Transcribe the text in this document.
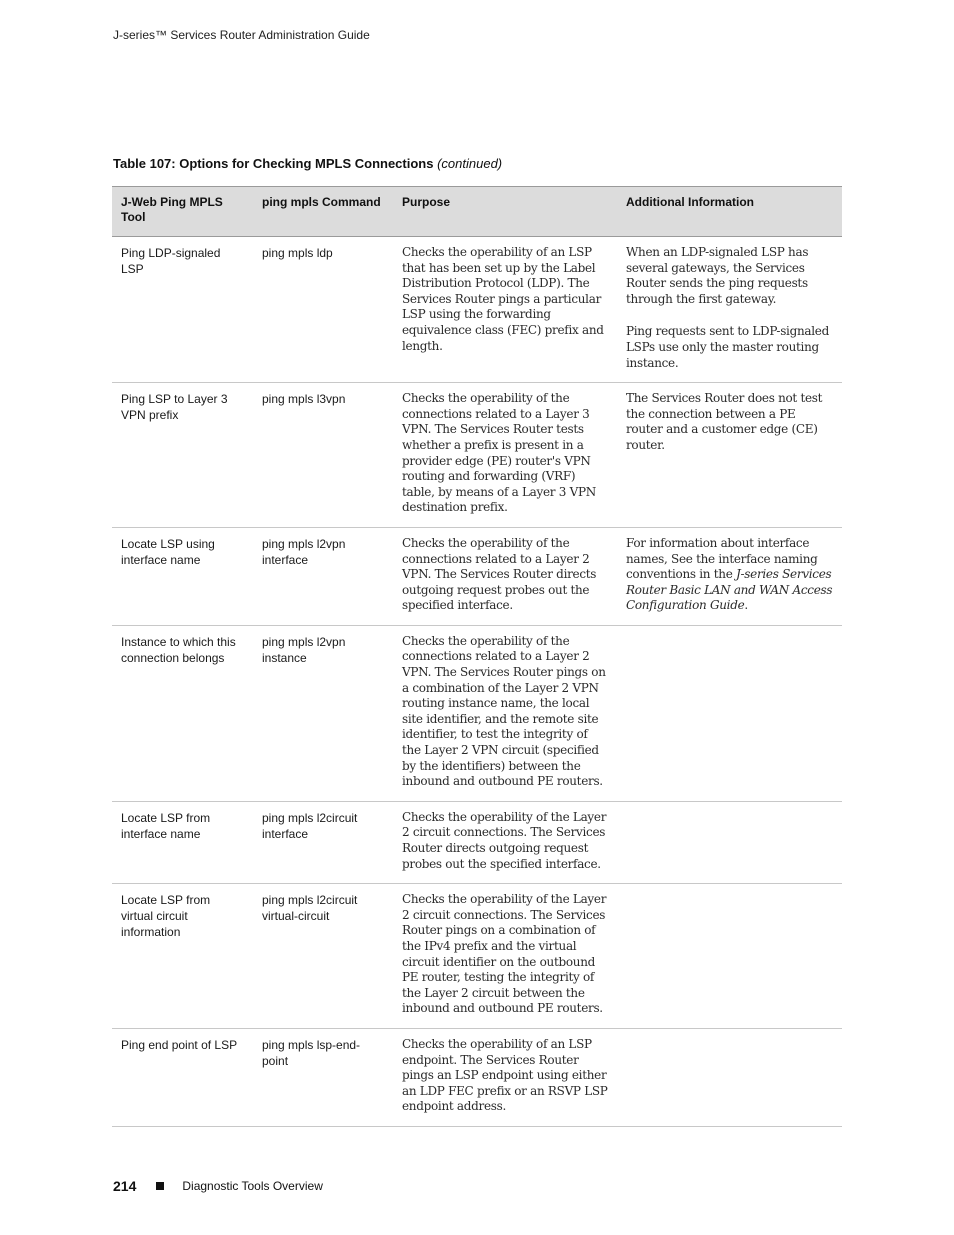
J-series™ Services Router Administration Guide
Table 107: Options for Checking MPLS Connections (continued)
J-Web Ping MPLS Tool	ping mpls Command	Purpose	Additional Information
Ping LDP-signaled LSP	ping mpls ldp	Checks the operability of an LSP that has been set up by the Label Distribution Protocol (LDP). The Services Router pings a particular LSP using the forwarding equivalence class (FEC) prefix and length.	When an LDP-signaled LSP has several gateways, the Services Router sends the ping requests through the first gateway.

Ping requests sent to LDP-signaled LSPs use only the master routing instance.

Ping LSP to Layer 3 VPN prefix	ping mpls l3vpn	Checks the operability of the connections related to a Layer 3 VPN. The Services Router tests whether a prefix is present in a provider edge (PE) router's VPN routing and forwarding (VRF) table, by means of a Layer 3 VPN destination prefix.	The Services Router does not test the connection between a PE router and a customer edge (CE) router.
Locate LSP using interface name	ping mpls l2vpn interface	Checks the operability of the connections related to a Layer 2 VPN. The Services Router directs outgoing request probes out the specified interface.	For information about interface names, See the interface naming conventions in the J-series Services Router Basic LAN and WAN Access Configuration Guide.
Instance to which this connection belongs	ping mpls l2vpn instance	Checks the operability of the connections related to a Layer 2 VPN. The Services Router pings on a combination of the Layer 2 VPN routing instance name, the local site identifier, and the remote site identifier, to test the integrity of the Layer 2 VPN circuit (specified by the identifiers) between the inbound and outbound PE routers.	
Locate LSP from interface name	ping mpls l2circuit interface	Checks the operability of the Layer 2 circuit connections. The Services Router directs outgoing request probes out the specified interface.	
Locate LSP from virtual circuit information	ping mpls l2circuit virtual-circuit	Checks the operability of the Layer 2 circuit connections. The Services Router pings on a combination of the IPv4 prefix and the virtual circuit identifier on the outbound PE router, testing the integrity of the Layer 2 circuit between the inbound and outbound PE routers.	
Ping end point of LSP	ping mpls lsp-end-point	Checks the operability of an LSP endpoint. The Services Router pings an LSP endpoint using either an LDP FEC prefix or an RSVP LSP endpoint address.	
214	Diagnostic Tools Overview
